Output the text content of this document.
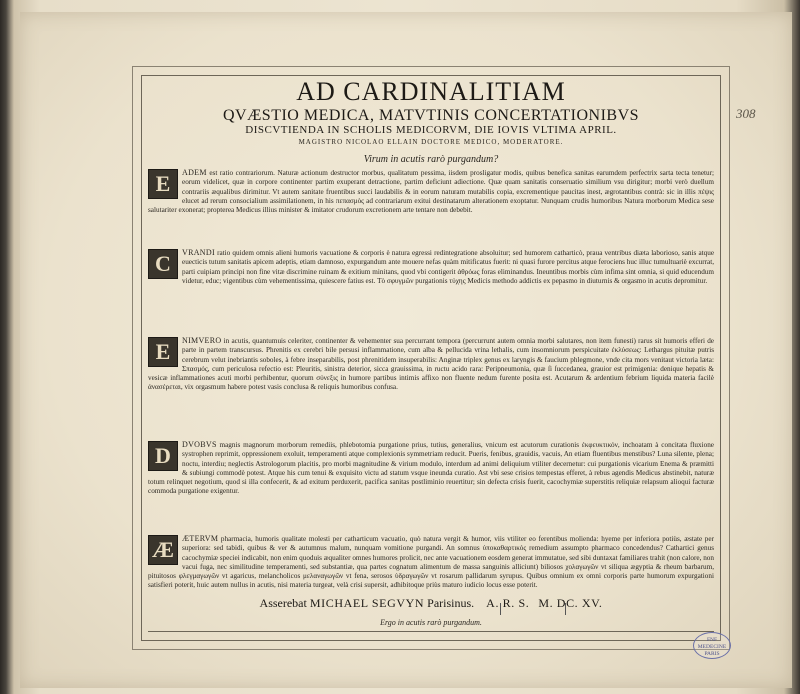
AD CARDINALITIAM
QVÆSTIO MEDICA, MATVTINIS CONCERTATIONIBVS
DISCVTIENDA IN SCHOLIS MEDICORVM, DIE IOVIS VLTIMA APRIL.
MAGISTRO NICOLAO ELLAIN DOCTORE MEDICO, MODERATORE.
Virum in acutis rarò purgandum?
E	ADEM est ratio contrariorum. Naturæ actionum destructor morbus, qualitatum pessima, iisdem prosligatur modis, quibus benefica sanitas earumdem perfectrix sarta tecta tenetur; eorum videlicet, quæ in corpore continenter partim exuperant detractione, partim deficiunt adiectione. Quæ quam sanitatis conseruatio similium vsu dirigitur; morbi verò duellum contrariis æqualibus dirimitur. Vt autem sanitate fruentibus succi laudabilis & in eorum naturam mutabilis copia, excrementique paucitas inest, ægrotantibus contrà: sic in illis πέψις elucet ad rerum consocialium assimilationem, in his πεπασμὸς ad contrariarum exitui destinatarum alterationem exoptatur. Nunquam crudis humoribus Natura morborum Medica sese salutariter exonerat; propterea Medicus illius minister & imitator crudorum excretionem arte tentare non debebit.
C	VRANDI ratio quidem omnis alieni humoris vacuatione & corporis è natura egressi redintegratione absoluitur; sed humorem catharticò, praua ventribus diæta laborioso, sanis atque euecticis tutum sanitatis apicem adeptis, etiam damnoso, expurgandum ante mouere nefas quàm mitificatus fuerit: ni quasi furore percitus atque ferociens huc illuc tumultuariè excurrat, parti cuipiam principi non fine vitæ discrimine ruinam & exitium minitans, quod vbi contigerit ἀθρόως foras eliminandus. Ineuntibus morbis cùm infima sint omnia, si quid educendum videtur, educ; vigentibus cùm vehementissima, quiescere fatius est. Τὸ σφυγμῶν purgationis τύχης Medicis methodo addictis ex pepasmo in diuturnis & orgasmo in acutis depromitur.
E	NIMVERO in acutis, quantumuis celeriter, continenter & vehementer sua percurrant tempora (percurrunt autem omnia morbi salutares, non item funesti) rarus sit humoris efferi de parte in partem transcursus. Phrenitis ex cerebri bile persusi inflammatione, cum alba & pellucida vrina lethalis, cum insomniorum perspicuitate ἐκλύσεως: Lethargus pituitæ putris cerebrum velut inebriantis soboles, à febre inseparabilis, post phrenitidem insuperabilis: Anginæ triplex genus ex laryngis & faucium phlegmone, vnde cita mors venitaut victoria læta: Σπασμός, cum periculosa refectio est: Pleuritis, sinistra deterior, sicca grauissima, in ructu acido rara: Peripneumonia, quæ ſi ſuccedanea, grauior est primigenia: denique hepatis & vesicæ inflammationes acuti morbi perhibentur, quorum σύνεξις in humore partibus intimis affixo non fluente nedum furente posita est. Acutarum & ardentium febrium liquida materia facilè ἀνασέρεται, vix orgasmum habere potest vasis conclusa & reliquis humoribus confusa.
D	DVOBVS magnis magnorum morborum remediis, phlebotomia purgatione prius, tutius, generalius, vnicum est acutorum curationis ἐκφευκτικόν, inchoatam à concitata fluxione systrophen reprimit, oppressionem exoluit, temperamenti atque complexionis symmetriam reducit. Pueris, fenibus, grauidis, vacuis, An etiam fluentibus menstibus? Luna silente, plena; noctu, interdiu; neglectis Astrologorum placitis, pro morbi magnitudine & virium modulo, interdum ad animi deliquium vtiliter decernetur: cui purgationis vicarium Enema & præmitti & subiungi commodè potest. Atque his cum tenui & exquisito victu ad statum vsque ineunda curatio. Ast vbi sese crisios tempestas efferet, à rebus agendis Medicus abstinebit, naturæ totum relinquet negotium, quod si illa confecerit, & ad exitum perduxerit, pacifica sanitas postliminio reuertitur; sin defecta crisis fuerit, cacochymiæ superstitis reliquiæ relapsum alioqui facturæ commoda purgatione exigentur.
Æ	ÆTERVM pharmacia, humoris qualitate molesti per catharticum vacuatio, quò natura vergit & humor, viis vtiliter eo ferentibus molienda: hyeme per inferiora potiùs, æstate per superiora: sed tabidi, quibus & ver & autumnus malum, nunquam vomitione purgandi. An somnus ὑποκαθαρτικός remedium assumpto pharmaco concedendus? Cathartici genus cacochymiæ speciei indicabit, non enim quoduis æqualiter omnes humores prolicit, nec ante vacuationem eosdem generat immutatue, sed sibi duntaxat familiares trahit (non calore, non vacui fuga, nec similitudine temperamenti, sed substantiæ, qua partes cognatum alimentum de massa sanguinis alliciunt) biliosos χολαγωγῶν vt siliqua ægyptia & rheum barbarum, pituitosos φλεγμαγωγῶν vt agaricus, melancholicos μελαναγωγῶν vt fena, serosos ὑδραγωγῶν vt rosarum pallidarum syrupus. Quibus omnium ex omni corporis parte humorum expurgationi satisfieri poterit, huic autem nullus in acutis, nisi materia turgeat, velà crisi supersit, adhibitoque priùs maturo iudicio locus esse poterit.
Ergo in acutis rarò purgandum.
Asserebat MICHAEL SEGVYN Parisinus. A. R. S. M. DC. XV.
308
FNF
MEDECINE
PARIS
